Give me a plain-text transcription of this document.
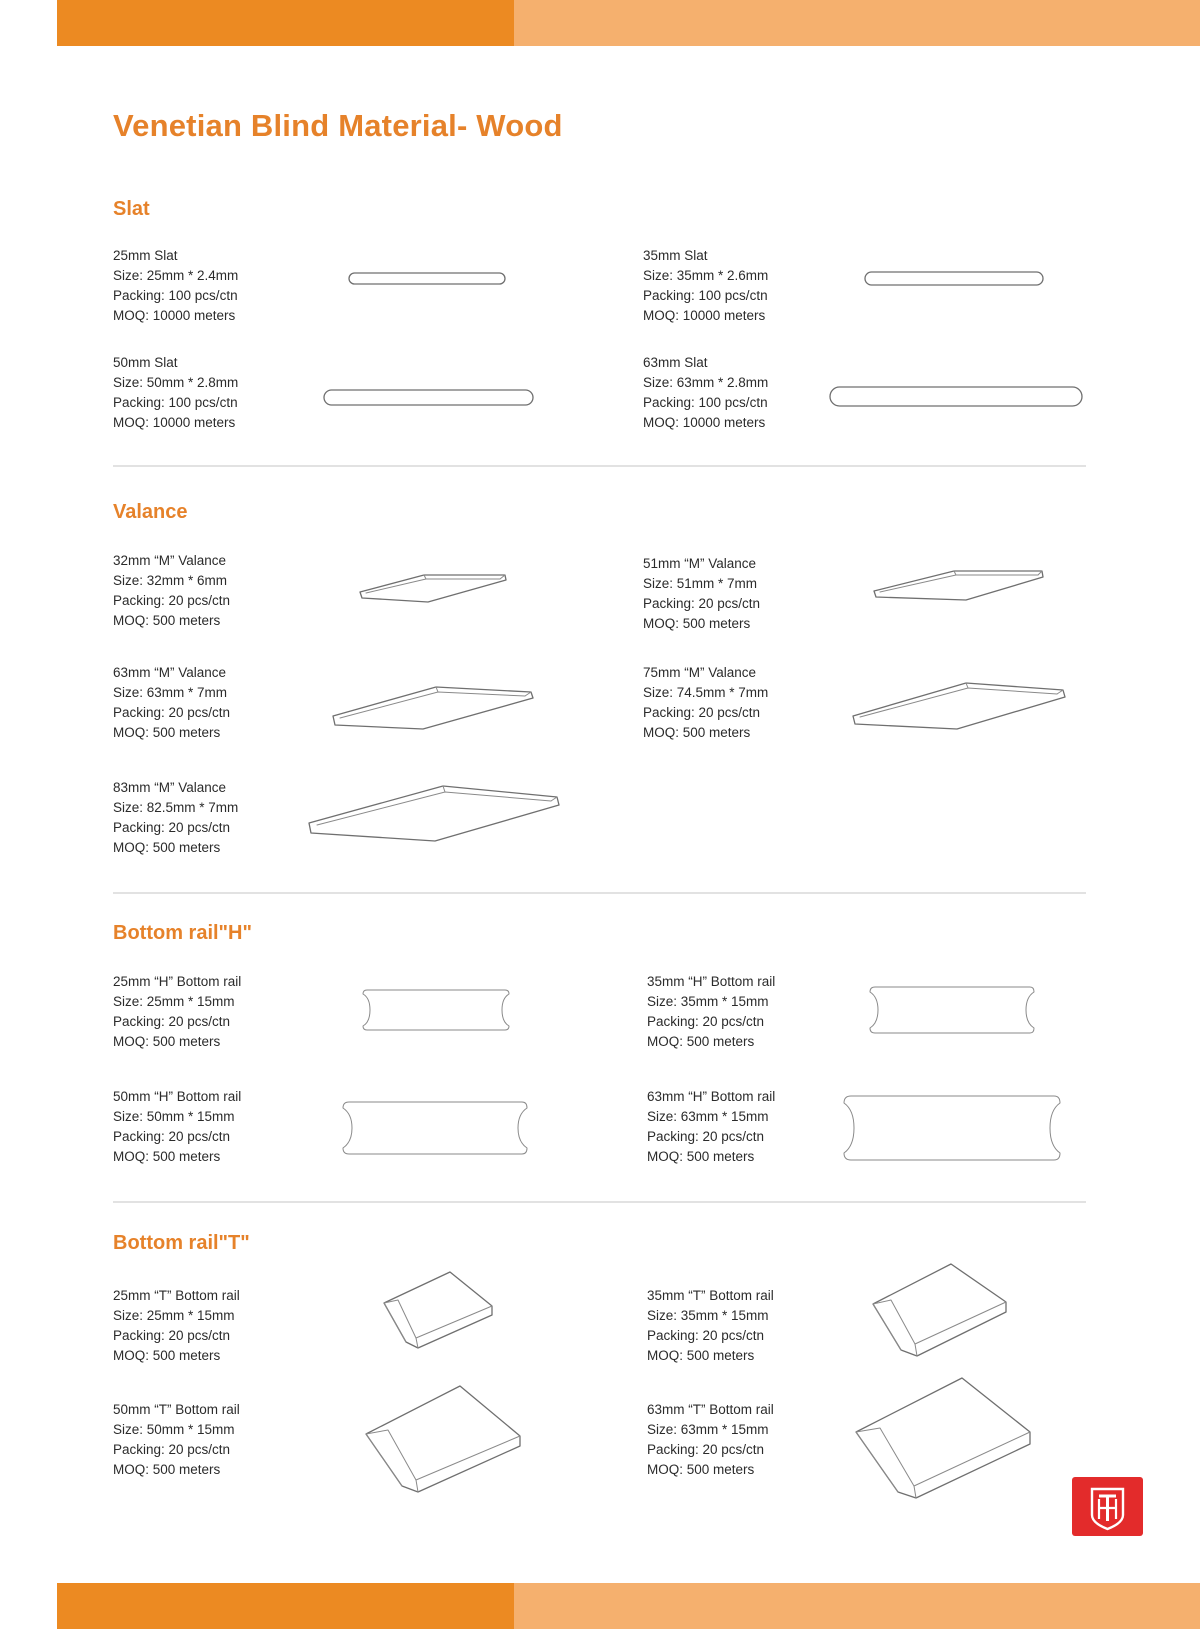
Venetian Blind Material- Wood
Slat
25mm Slat
Size: 25mm * 2.4mm
Packing: 100 pcs/ctn
MOQ: 10000 meters
35mm Slat
Size: 35mm * 2.6mm
Packing: 100 pcs/ctn
MOQ: 10000 meters
50mm Slat
Size: 50mm * 2.8mm
Packing: 100 pcs/ctn
MOQ: 10000 meters
63mm Slat
Size: 63mm * 2.8mm
Packing: 100 pcs/ctn
MOQ: 10000 meters
Valance
32mm “M” Valance
Size: 32mm * 6mm
Packing: 20 pcs/ctn
MOQ: 500 meters
51mm “M” Valance
Size: 51mm * 7mm
Packing: 20 pcs/ctn
MOQ: 500 meters
63mm “M” Valance
Size: 63mm * 7mm
Packing: 20 pcs/ctn
MOQ: 500 meters
75mm “M” Valance
Size: 74.5mm * 7mm
Packing: 20 pcs/ctn
MOQ: 500 meters
83mm “M” Valance
Size: 82.5mm * 7mm
Packing: 20 pcs/ctn
MOQ: 500 meters
Bottom rail"H"
25mm “H” Bottom rail
Size: 25mm * 15mm
Packing: 20 pcs/ctn
MOQ: 500 meters
35mm “H” Bottom rail
Size: 35mm * 15mm
Packing: 20 pcs/ctn
MOQ: 500 meters
50mm “H” Bottom rail
Size: 50mm * 15mm
Packing: 20 pcs/ctn
MOQ: 500 meters
63mm “H” Bottom rail
Size: 63mm * 15mm
Packing: 20 pcs/ctn
MOQ: 500 meters
Bottom rail"T"
25mm “T” Bottom rail
Size: 25mm * 15mm
Packing: 20 pcs/ctn
MOQ: 500 meters
35mm “T” Bottom rail
Size: 35mm * 15mm
Packing: 20 pcs/ctn
MOQ: 500 meters
50mm “T” Bottom rail
Size: 50mm * 15mm
Packing: 20 pcs/ctn
MOQ: 500 meters
63mm “T” Bottom rail
Size: 63mm * 15mm
Packing: 20 pcs/ctn
MOQ: 500 meters
